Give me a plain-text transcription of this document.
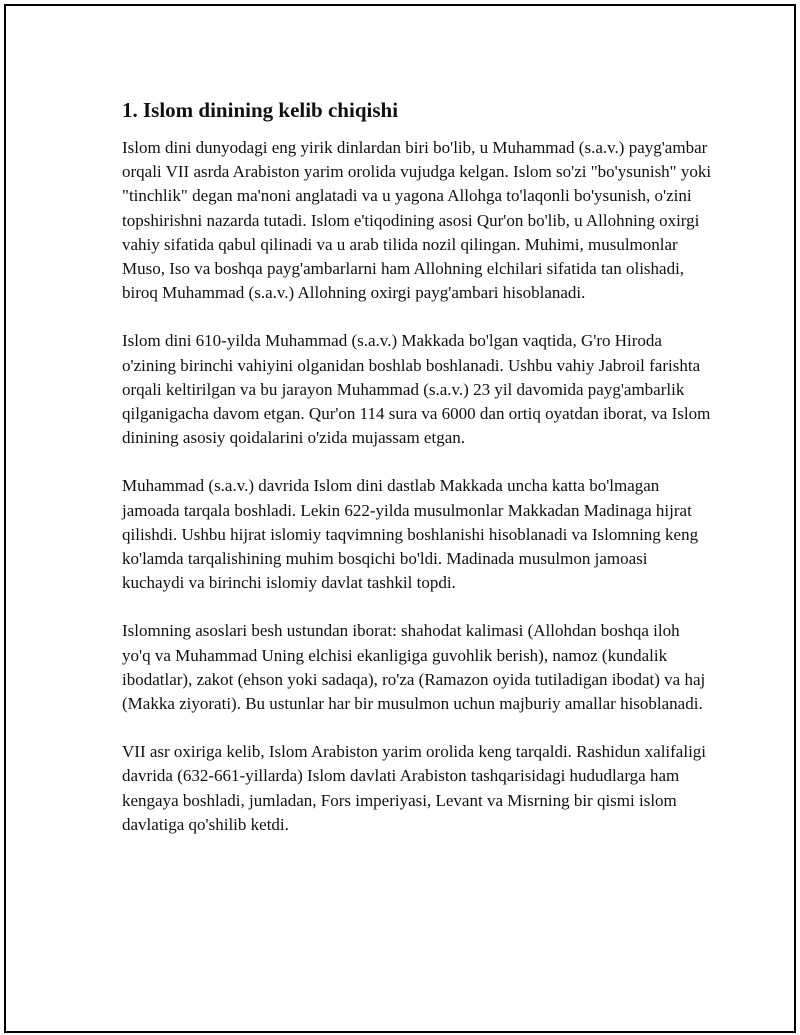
1. Islom dinining kelib chiqishi

Islom dini dunyodagi eng yirik dinlardan biri bo'lib, u Muhammad (s.a.v.) payg'ambar orqali VII asrda Arabiston yarim orolida vujudga kelgan. Islom so'zi "bo'ysunish" yoki "tinchlik" degan ma'noni anglatadi va u yagona Allohga to'laqonli bo'ysunish, o'zini topshirishni nazarda tutadi. Islom e'tiqodining asosi Qur'on bo'lib, u Allohning oxirgi vahiy sifatida qabul qilinadi va u arab tilida nozil qilingan. Muhimi, musulmonlar Muso, Iso va boshqa payg'ambarlarni ham Allohning elchilari sifatida tan olishadi, biroq Muhammad (s.a.v.) Allohning oxirgi payg'ambari hisoblanadi.

Islom dini 610-yilda Muhammad (s.a.v.) Makkada bo'lgan vaqtida, G'ro Hiroda o'zining birinchi vahiyini olganidan boshlab boshlanadi. Ushbu vahiy Jabroil farishta orqali keltirilgan va bu jarayon Muhammad (s.a.v.) 23 yil davomida payg'ambarlik qilganigacha davom etgan. Qur'on 114 sura va 6000 dan ortiq oyatdan iborat, va Islom dinining asosiy qoidalarini o'zida mujassam etgan.

Muhammad (s.a.v.) davrida Islom dini dastlab Makkada uncha katta bo'lmagan jamoada tarqala boshladi. Lekin 622-yilda musulmonlar Makkadan Madinaga hijrat qilishdi. Ushbu hijrat islomiy taqvimning boshlanishi hisoblanadi va Islomning keng ko'lamda tarqalishining muhim bosqichi bo'ldi. Madinada musulmon jamoasi kuchaydi va birinchi islomiy davlat tashkil topdi.

Islomning asoslari besh ustundan iborat: shahodat kalimasi (Allohdan boshqa iloh yo'q va Muhammad Uning elchisi ekanligiga guvohlik berish), namoz (kundalik ibodatlar), zakot (ehson yoki sadaqa), ro'za (Ramazon oyida tutiladigan ibodat) va haj (Makka ziyorati). Bu ustunlar har bir musulmon uchun majburiy amallar hisoblanadi.

VII asr oxiriga kelib, Islom Arabiston yarim orolida keng tarqaldi. Rashidun xalifaligi davrida (632-661-yillarda) Islom davlati Arabiston tashqarisidagi hududlarga ham kengaya boshladi, jumladan, Fors imperiyasi, Levant va Misrning bir qismi islom davlatiga qo'shilib ketdi.
